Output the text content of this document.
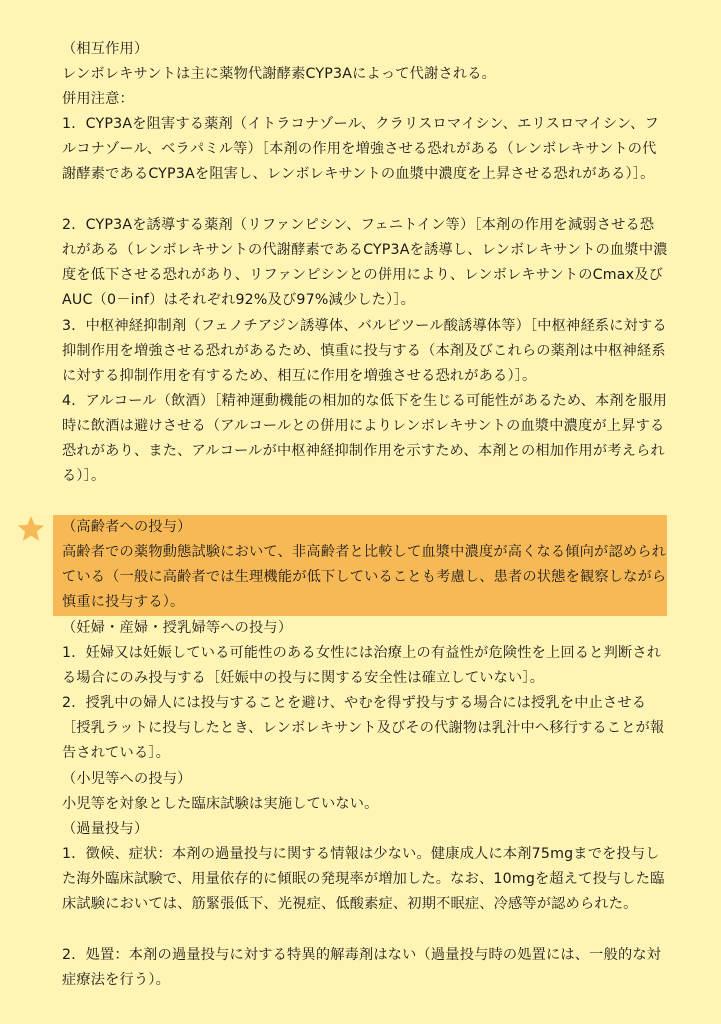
（相互作用）

レンボレキサントは主に薬物代謝酵素CYP3Aによって代謝される。

併用注意：

1．CYP3Aを阻害する薬剤（イトラコナゾール、クラリスロマイシン、エリスロマイシン、フルコナゾール、ベラパミル等）［本剤の作用を増強させる恐れがある（レンボレキサントの代謝酵素であるCYP3Aを阻害し、レンボレキサントの血漿中濃度を上昇させる恐れがある）］。

2．CYP3Aを誘導する薬剤（リファンピシン、フェニトイン等）［本剤の作用を減弱させる恐れがある（レンボレキサントの代謝酵素であるCYP3Aを誘導し、レンボレキサントの血漿中濃度を低下させる恐れがあり、リファンピシンとの併用により、レンボレキサントのCmax及びAUC（0－inf）はそれぞれ92%及び97%減少した）］。

3．中枢神経抑制剤（フェノチアジン誘導体、バルビツール酸誘導体等）［中枢神経系に対する抑制作用を増強させる恐れがあるため、慎重に投与する（本剤及びこれらの薬剤は中枢神経系に対する抑制作用を有するため、相互に作用を増強させる恐れがある）］。

4．アルコール（飲酒）［精神運動機能の相加的な低下を生じる可能性があるため、本剤を服用時に飲酒は避けさせる（アルコールとの併用によりレンボレキサントの血漿中濃度が上昇する恐れがあり、また、アルコールが中枢神経抑制作用を示すため、本剤との相加作用が考えられる）］。

（高齢者への投与）

高齢者での薬物動態試験において、非高齢者と比較して血漿中濃度が高くなる傾向が認められている（一般に高齢者では生理機能が低下していることも考慮し、患者の状態を観察しながら慎重に投与する）。

（妊婦・産婦・授乳婦等への投与）

1．妊婦又は妊娠している可能性のある女性には治療上の有益性が危険性を上回ると判断される場合にのみ投与する［妊娠中の投与に関する安全性は確立していない］。

2．授乳中の婦人には投与することを避け、やむを得ず投与する場合には授乳を中止させる［授乳ラットに投与したとき、レンボレキサント及びその代謝物は乳汁中へ移行することが報告されている］。

（小児等への投与）

小児等を対象とした臨床試験は実施していない。

（過量投与）

1．徴候、症状：本剤の過量投与に関する情報は少ない。健康成人に本剤75mgまでを投与した海外臨床試験で、用量依存的に傾眠の発現率が増加した。なお、10mgを超えて投与した臨床試験においては、筋緊張低下、光視症、低酸素症、初期不眠症、冷感等が認められた。

2．処置：本剤の過量投与に対する特異的解毒剤はない（過量投与時の処置には、一般的な対症療法を行う）。
